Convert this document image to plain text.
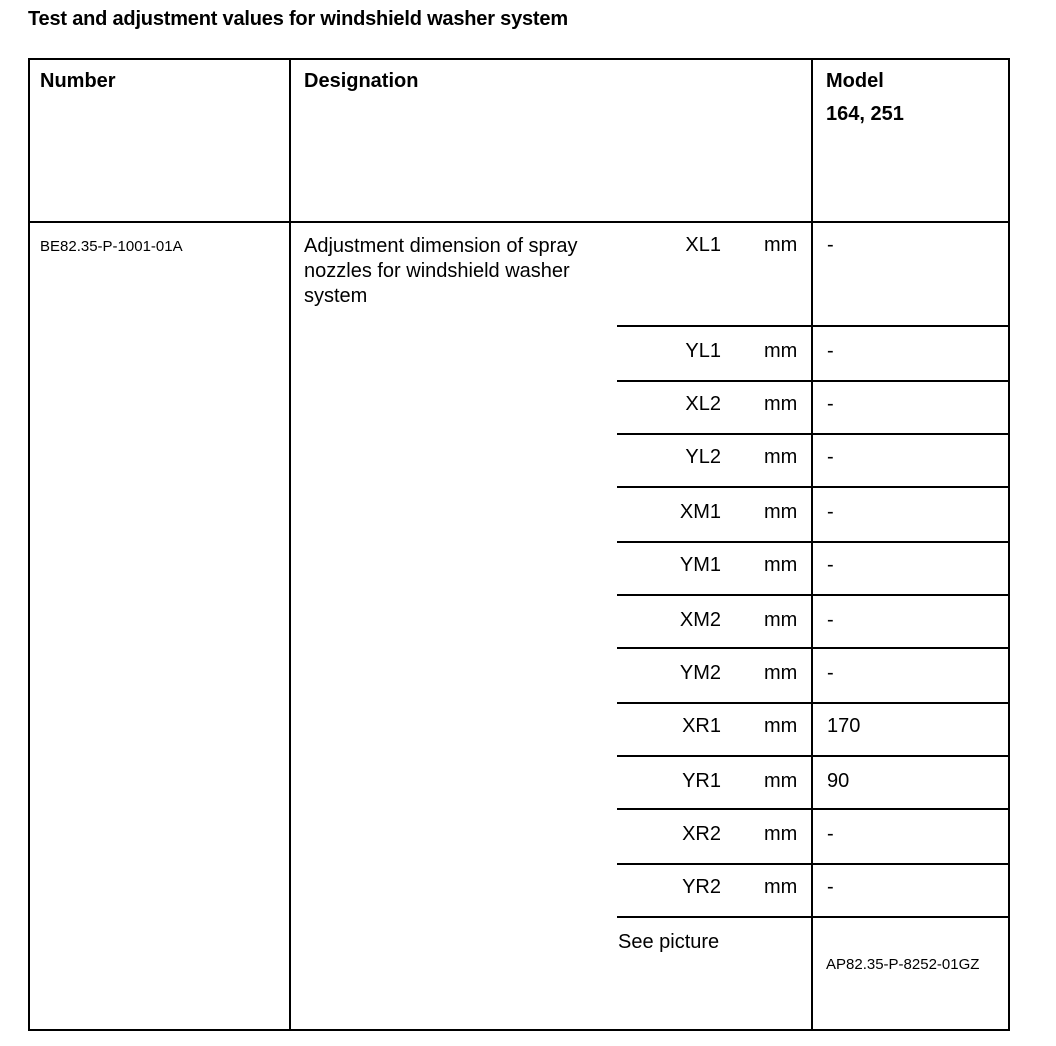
Test and adjustment values for windshield washer system
Number	Designation	Model
164, 251
BE82.35-P-1001-01A	Adjustment dimension of spray nozzles for windshield washer system
XL1 mm -
YL1 mm -
XL2 mm -
YL2 mm -
XM1 mm -
YM1 mm -
XM2 mm -
YM2 mm -
XR1 mm 170
YR1 mm 90
XR2 mm -
YR2 mm -
See picture
AP82.35-P-8252-01GZ
